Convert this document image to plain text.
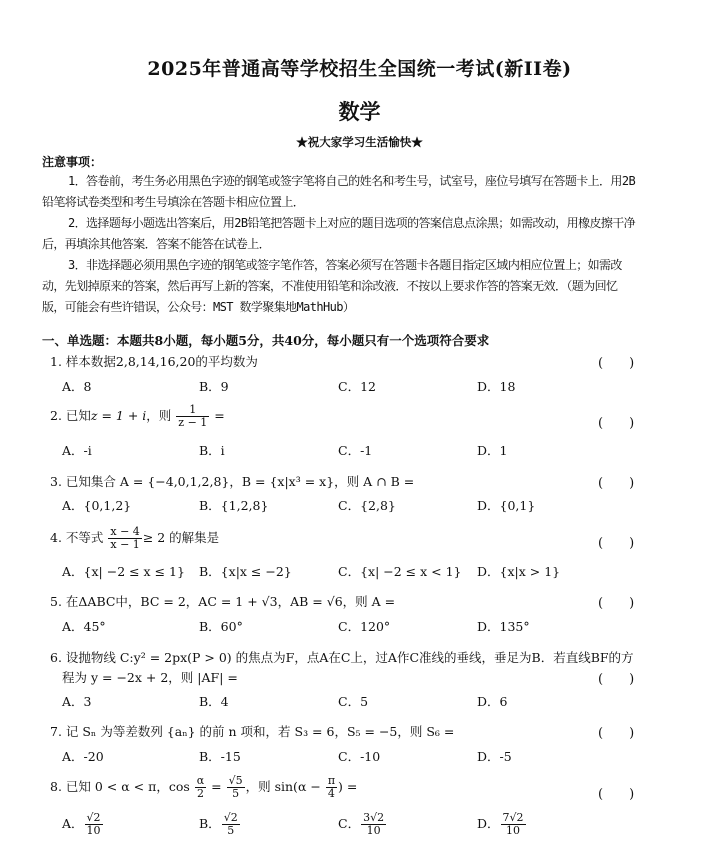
2025年普通高等学校招生全国统一考试(新II卷)
数学
★祝大家学习生活愉快★
注意事项：
1．答卷前，考生务必用黑色字迹的钢笔或签字笔将自己的姓名和考生号，试室号，座位号填写在答题卡上．用2B铅笔将试卷类型和考生号填涂在答题卡相应位置上．
2．选择题每小题选出答案后，用2B铅笔把答题卡上对应的题目选项的答案信息点涂黑；如需改动，用橡皮擦干净后，再填涂其他答案．答案不能答在试卷上．
3．非选择题必须用黑色字迹的钢笔或签字笔作答，答案必须写在答题卡各题目指定区域内相应位置上；如需改动，先划掉原来的答案，然后再写上新的答案，不准使用铅笔和涂改液．不按以上要求作答的答案无效．（题为回忆版，可能会有些许错误，公众号：MST 数学聚集地MathHub）
一、单选题：本题共8小题，每小题5分，共40分，每小题只有一个选项符合要求
1. 样本数据2,8,14,16,20的平均数为	(　　)
A．8	B．9	C．12	D．18
2. 已知z = 1 + i，则 $\frac{1}{z - 1}$ =
(　　)
A．-i	B．i	C．-1	D．1
3. 已知集合 A = {−4,0,1,2,8}，B = {x|x³ = x}，则 A ∩ B =	(　　)
A．{0,1,2}	B．{1,2,8}	C．{2,8}	D．{0,1}
4. 不等式 $\frac{x - 4}{x - 1} \ge 2$ 的解集是	(　　)
A．{x| −2 ≤ x ≤ 1} B．{x|x ≤ −2}	C．{x| −2 ≤ x < 1} D．{x|x > 1}
5. 在ΔABC中，BC = 2，AC = 1 + √3，AB = √6，则 A =	(　　)
A．45°	B．60°	C．120°	D．135°
6. 设抛物线 C:y² = 2px(P > 0) 的焦点为F，点A在C上，过A作C准线的垂线，垂足为B．若直线BF的方
程为 y = −2x + 2，则 |AF| =	(　　)
A．3	B．4	C．5	D．6
7. 记 Sₙ 为等差数列 {aₙ} 的前 n 项和，若 S₃ = 6，S₅ = −5，则 S₆ =	(　　)
A．-20	B．-15	C．-10	D．-5
8. 已知 0 < α < π，$\cos \frac{\alpha}{2} = \frac{√5}{5}$ ，则 $\sin(\alpha - \frac{\pi}{4}$ ) =
(　　)
A． $\frac{√2}{10}$	B． $\frac{√2}{5}$	C． $\frac{3√2}{10}$	D． $\frac{7√2}{10}$
